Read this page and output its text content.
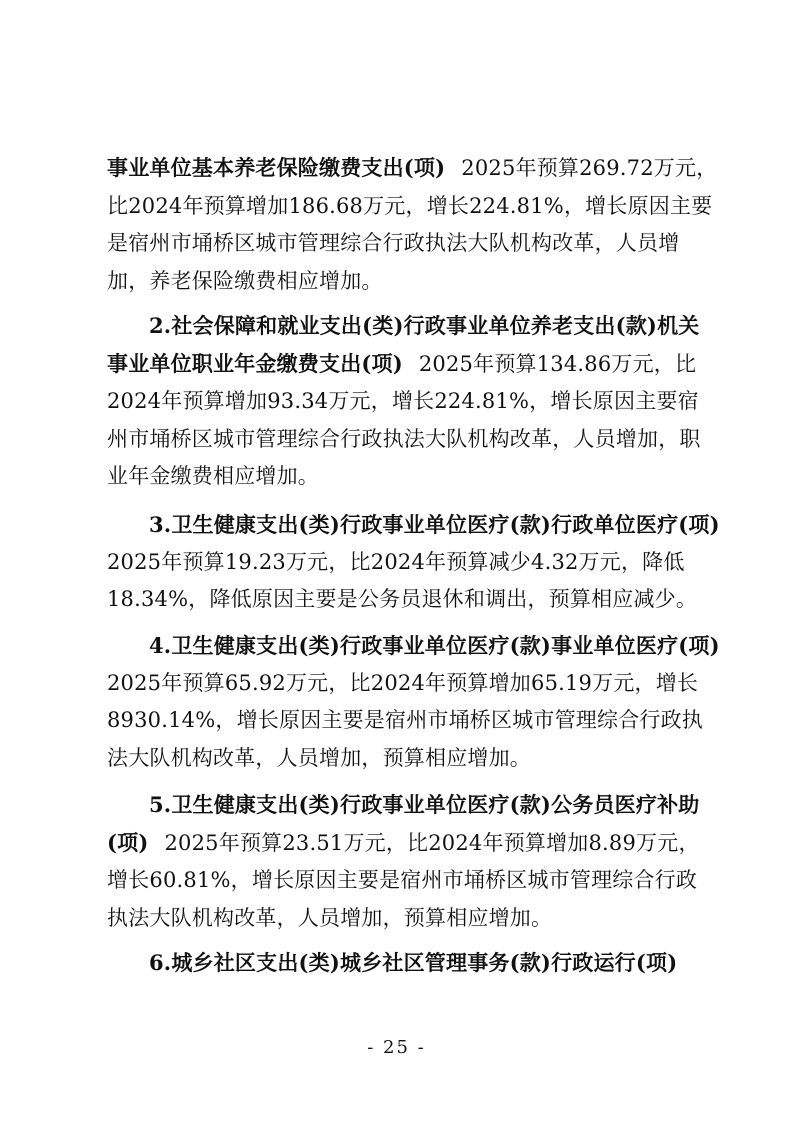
事业单位基本养老保险缴费支出(项) 2025年预算269.72万元，
比2024年预算增加186.68万元，增长224.81%，增长原因主要
是宿州市埇桥区城市管理综合行政执法大队机构改革，人员增
加，养老保险缴费相应增加。
2.社会保障和就业支出(类)行政事业单位养老支出(款)机关
事业单位职业年金缴费支出(项) 2025年预算134.86万元，比
2024年预算增加93.34万元，增长224.81%，增长原因主要宿
州市埇桥区城市管理综合行政执法大队机构改革，人员增加，职
业年金缴费相应增加。
3.卫生健康支出(类)行政事业单位医疗(款)行政单位医疗(项)
2025年预算19.23万元，比2024年预算减少4.32万元，降低
18.34%，降低原因主要是公务员退休和调出，预算相应减少。
4.卫生健康支出(类)行政事业单位医疗(款)事业单位医疗(项)
2025年预算65.92万元，比2024年预算增加65.19万元，增长
8930.14%，增长原因主要是宿州市埇桥区城市管理综合行政执
法大队机构改革，人员增加，预算相应增加。
5.卫生健康支出(类)行政事业单位医疗(款)公务员医疗补助
(项) 2025年预算23.51万元，比2024年预算增加8.89万元，
增长60.81%，增长原因主要是宿州市埇桥区城市管理综合行政
执法大队机构改革，人员增加，预算相应增加。
6.城乡社区支出(类)城乡社区管理事务(款)行政运行(项)
- 25 -
